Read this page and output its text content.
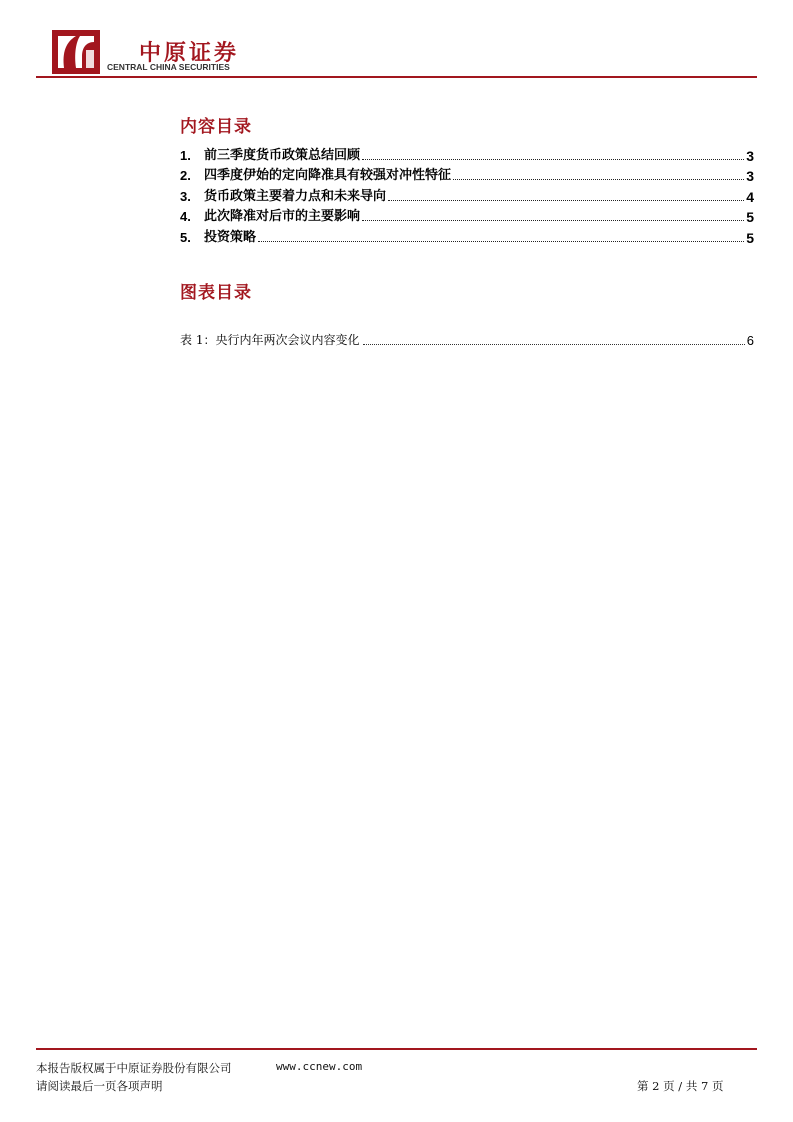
中原证券
CENTRAL CHINA SECURITIES
内容目录
1.	前三季度货币政策总结回顾	3
2.	四季度伊始的定向降准具有较强对冲性特征	3
3.	货币政策主要着力点和未来导向	4
4.	此次降准对后市的主要影响	5
5.	投资策略	5
图表目录
表 1：央行内年两次会议内容变化	6
本报告版权属于中原证券股份有限公司	www.ccnew.com
请阅读最后一页各项声明	第 2 页 / 共 7 页
